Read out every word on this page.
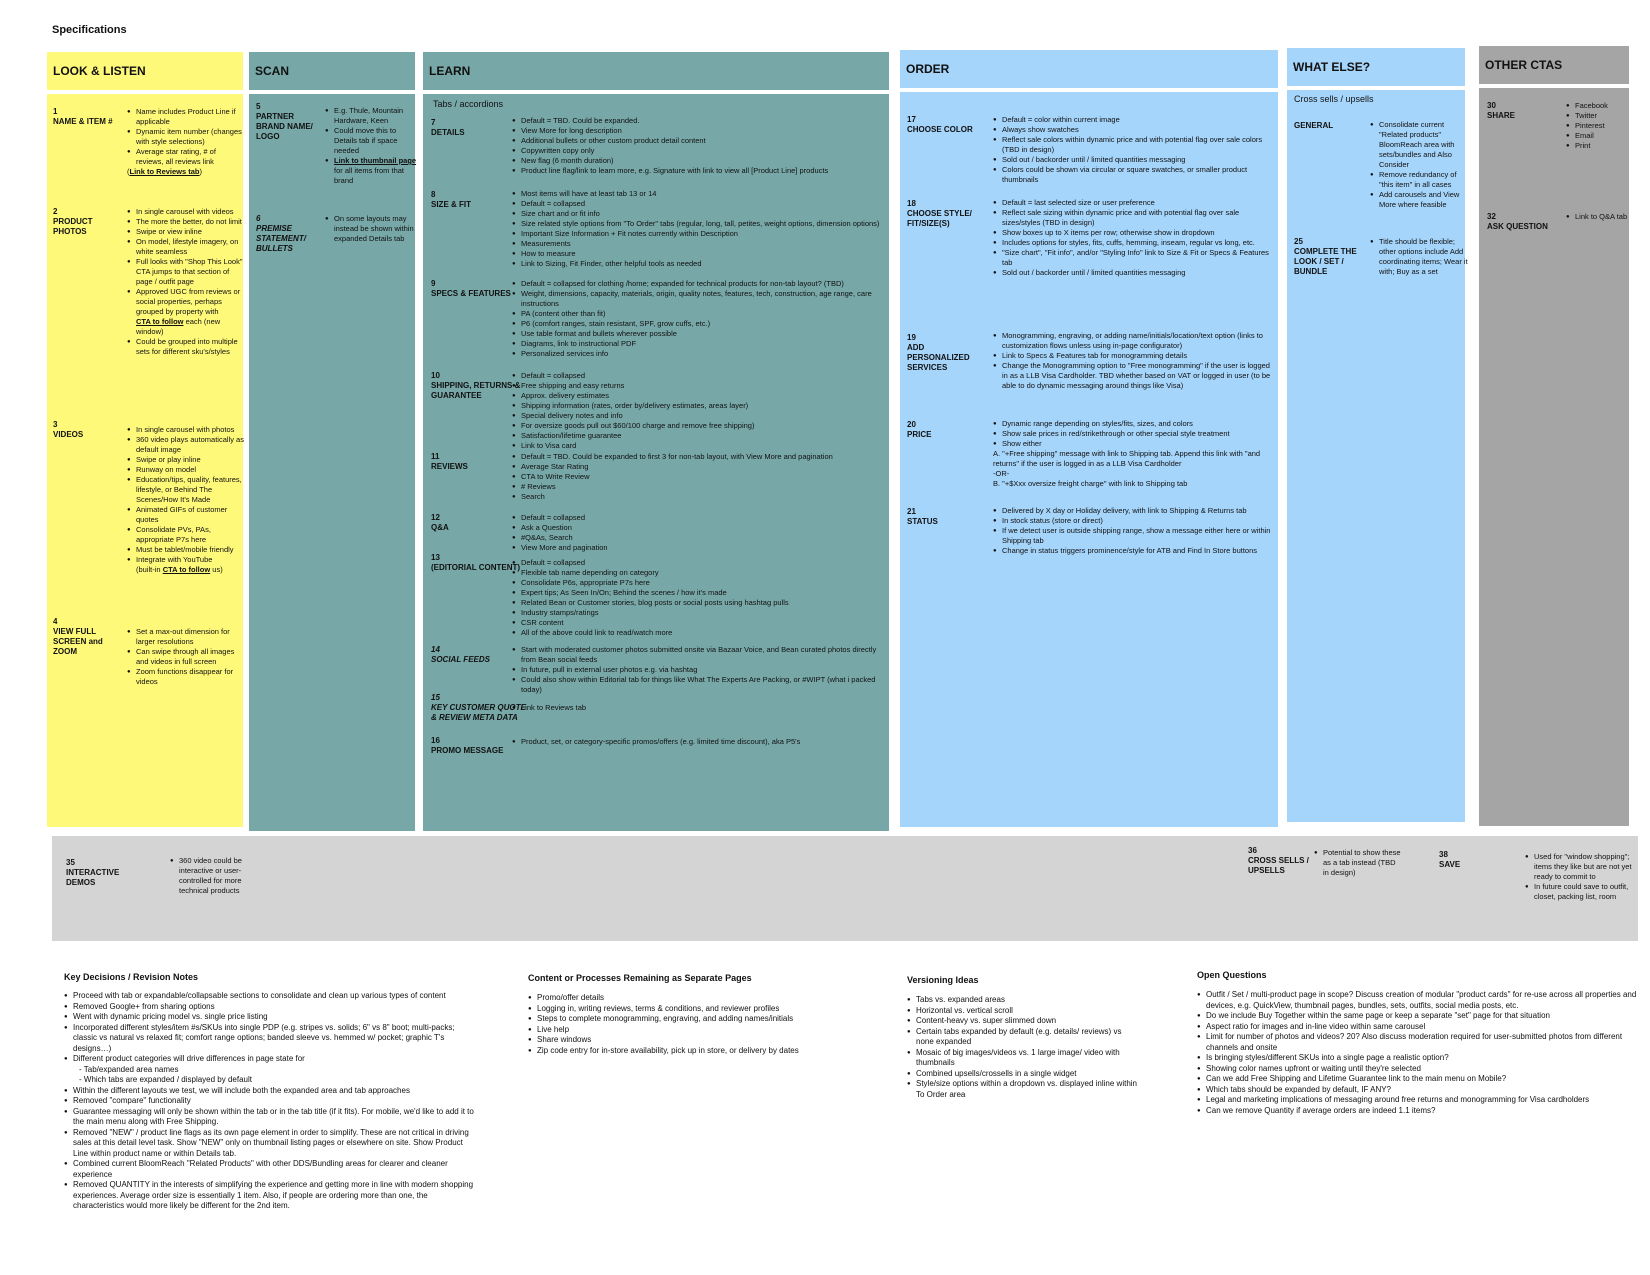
Specifications
LOOK & LISTEN
1
NAME & ITEM #
● Name includes Product Line if applicable
● Dynamic item number (changes with style selections)
● Average star rating, # of reviews, all reviews link
(Link to Reviews tab)
2
PRODUCT PHOTOS
● In single carousel with videos
● The more the better, do not limit
● Swipe or view inline
● On model, lifestyle imagery, on white seamless
● Full looks with "Shop This Look" CTA jumps to that section of page / outfit page
● Approved UGC from reviews or social properties, perhaps grouped by property with
CTA to follow each (new window)
● Could be grouped into multiple sets for different sku's/styles
3
VIDEOS
● In single carousel with photos
● 360 video plays automatically as default image
● Swipe or play inline
● Runway on model
● Education/tips, quality, features, lifestyle, or Behind The Scenes/How It's Made
● Animated GIFs of customer quotes
● Consolidate PVs, PAs, appropriate P7s here
● Must be tablet/mobile friendly
● Integrate with YouTube
(built-in CTA to follow us)
4
VIEW FULL SCREEN and ZOOM
● Set a max-out dimension for larger resolutions
● Can swipe through all images and videos in full screen
● Zoom functions disappear for videos
SCAN
5
PARTNER BRAND NAME/ LOGO
● E.g. Thule, Mountain Hardware, Keen
● Could move this to Details tab if space needed
● Link to thumbnail page for all items from that brand
6
PREMISE STATEMENT/ BULLETS
● On some layouts may instead be shown within expanded Details tab
LEARN
Tabs / accordions
7
DETAILS
● Default = TBD. Could be expanded.
● View More for long description
● Additional bullets or other custom product detail content
● Copywritten copy only
● New flag (6 month duration)
● Product line flag/link to learn more, e.g. Signature with link to view all [Product Line] products
8
SIZE & FIT
● Most items will have at least tab 13 or 14
● Default = collapsed
● Size chart and or fit info
● Size related style options from "To Order" tabs (regular, long, tall, petites, weight options, dimension options)
● Important Size Information + Fit notes currently within Description
● Measurements
● How to measure
● Link to Sizing, Fit Finder, other helpful tools as needed
9
SPECS & FEATURES
● Default = collapsed for clothing /home; expanded for technical products for non-tab layout? (TBD)
● Weight, dimensions, capacity, materials, origin, quality notes, features, tech, construction, age range, care instructions
● PA (content other than fit)
● P6 (comfort ranges, stain resistant, SPF, grow cuffs, etc.)
● Use table format and bullets wherever possible
● Diagrams, link to instructional PDF
● Personalized services info
10
SHIPPING, RETURNS & GUARANTEE
● Default = collapsed
● Free shipping and easy returns
● Approx. delivery estimates
● Shipping information (rates, order by/delivery estimates, areas layer)
● Special delivery notes and info
● For oversize goods pull out $60/100 charge and remove free shipping)
● Satisfaction/lifetime guarantee
● Link to Visa card
11
REVIEWS
● Default = TBD. Could be expanded to first 3 for non-tab layout, with View More and pagination
● Average Star Rating
● CTA to Write Review
● # Reviews
● Search
12
Q&A
● Default = collapsed
● Ask a Question
● #Q&As, Search
● View More and pagination
13
(EDITORIAL CONTENT)
● Default = collapsed
● Flexible tab name depending on category
● Consolidate P6s, appropriate P7s here
● Expert tips; As Seen In/On; Behind the scenes / how it's made
● Related Bean or Customer stories, blog posts or social posts using hashtag pulls
● Industry stamps/ratings
● CSR content
● All of the above could link to read/watch more
14
SOCIAL FEEDS
● Start with moderated customer photos submitted onsite via Bazaar Voice, and Bean curated photos directly from Bean social feeds
● In future, pull in external user photos e.g. via hashtag
● Could also show within Editorial tab for things like What The Experts Are Packing, or #WIPT (what i packed today)
15
KEY CUSTOMER QUOTE & REVIEW META DATA
● Link to Reviews tab
16
PROMO MESSAGE
● Product, set, or category-specific promos/offers (e.g. limited time discount), aka P5's
ORDER
17
CHOOSE COLOR
● Default = color within current image
● Always show swatches
● Reflect sale colors within dynamic price and with potential flag over sale colors (TBD in design)
● Sold out / backorder until / limited quantities messaging
● Colors could be shown via circular or square swatches, or smaller product thumbnails
18
CHOOSE STYLE/ FIT/SIZE(S)
● Default = last selected size or user preference
● Reflect sale sizing within dynamic price and with potential flag over sale sizes/styles (TBD in design)
● Show boxes up to X items per row; otherwise show in dropdown
● Includes options for styles, fits, cuffs, hemming, inseam, regular vs long, etc.
● "Size chart", "Fit info", and/or "Styling Info" link to Size & Fit or Specs & Features tab
● Sold out / backorder until / limited quantities messaging
19
ADD PERSONALIZED SERVICES
● Monogramming, engraving, or adding name/initials/location/text option (links to customization flows unless using in-page configurator)
● Link to Specs & Features tab for monogramming details
● Change the Monogramming option to "Free monogramming" if the user is logged in as a LLB Visa Cardholder. TBD whether based on VAT or logged in user (to be able to do dynamic messaging around things like Visa)
20
PRICE
● Dynamic range depending on styles/fits, sizes, and colors
● Show sale prices in red/strikethrough or other special style treatment
● Show either
A. "+Free shipping" message with link to Shipping tab. Append this link with "and returns" if the user is logged in as a LLB Visa Cardholder
-OR-
B. "+$Xxx oversize freight charge" with link to Shipping tab
21
STATUS
● Delivered by X day or Holiday delivery, with link to Shipping & Returns tab
● In stock status (store or direct)
● If we detect user is outside shipping range, show a message either here or within Shipping tab
● Change in status triggers prominence/style for ATB and Find In Store buttons
WHAT ELSE?
Cross sells / upsells
GENERAL
●	Consolidate current "Related products" BloomReach area with sets/bundles and Also Consider
● Remove redundancy of "this item" in all cases
● Add carousels and View More where feasible
25
COMPLETE THE LOOK / SET / BUNDLE
● Title should be flexible; other options include Add coordinating items; Wear it with; Buy as a set
OTHER CTAS
30
SHARE
● Facebook
● Twitter
● Pinterest
● Email
● Print
32
ASK QUESTION
● Link to Q&A tab
35
INTERACTIVE DEMOS
● 360 video could be interactive or user-controlled for more technical products
36
CROSS SELLS / UPSELLS
● Potential to show these as a tab instead (TBD in design)
38
SAVE
● Used for "window shopping"; items they like but are not yet ready to commit to
● In future could save to outfit, closet, packing list, room
Key Decisions / Revision Notes
● Proceed with tab or expandable/collapsable sections to consolidate and clean up various types of content
● Removed Google+ from sharing options
● Went with dynamic pricing model vs. single price listing
● Incorporated different styles/item #s/SKUs into single PDP (e.g. stripes vs. solids; 6" vs 8" boot; multi-packs; classic vs natural vs relaxed fit; comfort range options; banded sleeve vs. hemmed w/ pocket; graphic T's designs…)
● Different product categories will drive differences in page state for
- Tab/expanded area names
- Which tabs are expanded / displayed by default
● Within the different layouts we test, we will include both the expanded area and tab approaches
● Removed "compare" functionality
● Guarantee messaging will only be shown within the tab or in the tab title (if it fits). For mobile, we'd like to add it to the main menu along with Free Shipping.
● Removed "NEW" / product line flags as its own page element in order to simplify. These are not critical in driving sales at this detail level task. Show "NEW" only on thumbnail listing pages or elsewhere on site. Show Product Line within product name or within Details tab.
● Combined current BloomReach "Related Products" with other DDS/Bundling areas for clearer and cleaner experience
● Removed QUANTITY in the interests of simplifying the experience and getting more in line with modern shopping experiences. Average order size is essentially 1 item. Also, if people are ordering more than one, the characteristics would more likely be different for the 2nd item.
Content or Processes Remaining as Separate Pages
● Promo/offer details
● Logging in, writing reviews, terms & conditions, and reviewer profiles
● Steps to complete monogramming, engraving, and adding names/initials
● Live help
● Share windows
● Zip code entry for in-store availability, pick up in store, or delivery by dates
Versioning Ideas
● Tabs vs. expanded areas
● Horizontal vs. vertical scroll
● Content-heavy vs. super slimmed down
● Certain tabs expanded by default (e.g. details/ reviews) vs none expanded
● Mosaic of big images/videos vs. 1 large image/ video with thumbnails
● Combined upsells/crossells in a single widget
● Style/size options within a dropdown vs. displayed inline within To Order area
Open Questions
● Outfit / Set / multi-product page in scope? Discuss creation of modular "product cards" for re-use across all properties and devices, e.g. QuickView, thumbnail pages, bundles, sets, outfits, social media posts, etc.
● Do we include Buy Together within the same page or keep a separate "set" page for that situation
● Aspect ratio for images and in-line video within same carousel
● Limit for number of photos and videos? 20? Also discuss moderation required for user-submitted photos from different channels and onsite
● Is bringing styles/different SKUs into a single page a realistic option?
● Showing color names upfront or waiting until they're selected
● Can we add Free Shipping and Lifetime Guarantee link to the main menu on Mobile?
● Which tabs should be expanded by default, IF ANY?
● Legal and marketing implications of messaging around free returns and monogramming for Visa cardholders
● Can we remove Quantity if average orders are indeed 1.1 items?
